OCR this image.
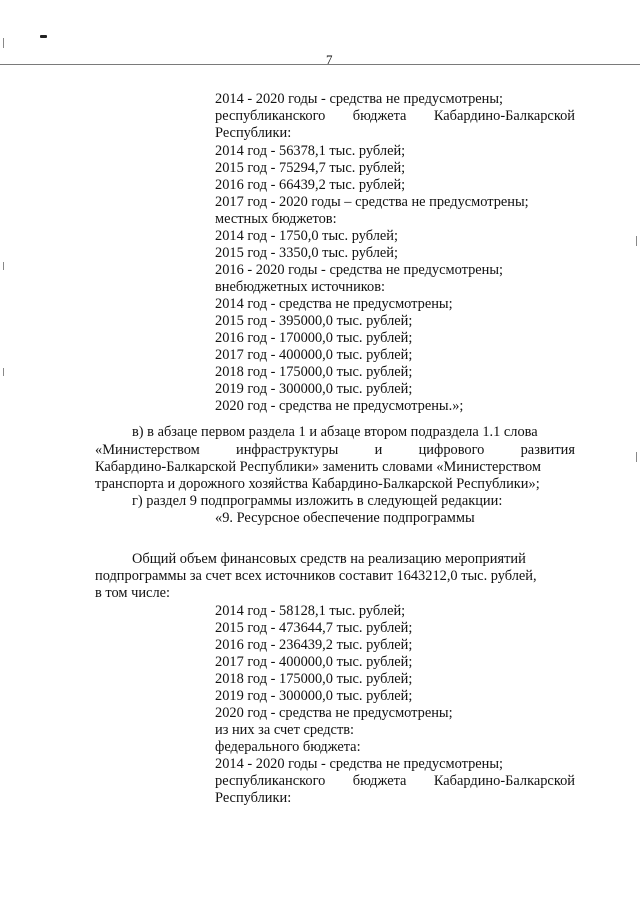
7
2014 - 2020 годы - средства не предусмотрены;
республиканского бюджета Кабардино-Балкарской
Республики:
2014 год - 56378,1 тыс. рублей;
2015 год - 75294,7 тыс. рублей;
2016 год - 66439,2 тыс. рублей;
2017 год - 2020 годы – средства не предусмотрены;
местных бюджетов:
2014 год - 1750,0 тыс. рублей;
2015 год - 3350,0 тыс. рублей;
2016 - 2020 годы - средства не предусмотрены;
внебюджетных источников:
2014 год - средства не предусмотрены;
2015 год - 395000,0 тыс. рублей;
2016 год - 170000,0 тыс. рублей;
2017 год - 400000,0 тыс. рублей;
2018 год - 175000,0 тыс. рублей;
2019 год - 300000,0 тыс. рублей;
2020 год - средства не предусмотрены.»;
в) в абзаце первом раздела 1 и абзаце втором подраздела 1.1 слова
«Министерством	инфраструктуры	и	цифрового	развития
Кабардино-Балкарской Республики» заменить словами «Министерством
транспорта и дорожного хозяйства Кабардино-Балкарской Республики»;
г) раздел 9 подпрограммы изложить в следующей редакции:
«9. Ресурсное обеспечение подпрограммы
Общий объем финансовых средств на реализацию мероприятий
подпрограммы за счет всех источников составит 1643212,0 тыс. рублей,
в том числе:
2014 год - 58128,1 тыс. рублей;
2015 год - 473644,7 тыс. рублей;
2016 год - 236439,2 тыс. рублей;
2017 год - 400000,0 тыс. рублей;
2018 год - 175000,0 тыс. рублей;
2019 год - 300000,0 тыс. рублей;
2020 год - средства не предусмотрены;
из них за счет средств:
федерального бюджета:
2014 - 2020 годы - средства не предусмотрены;
республиканского бюджета Кабардино-Балкарской
Республики:
